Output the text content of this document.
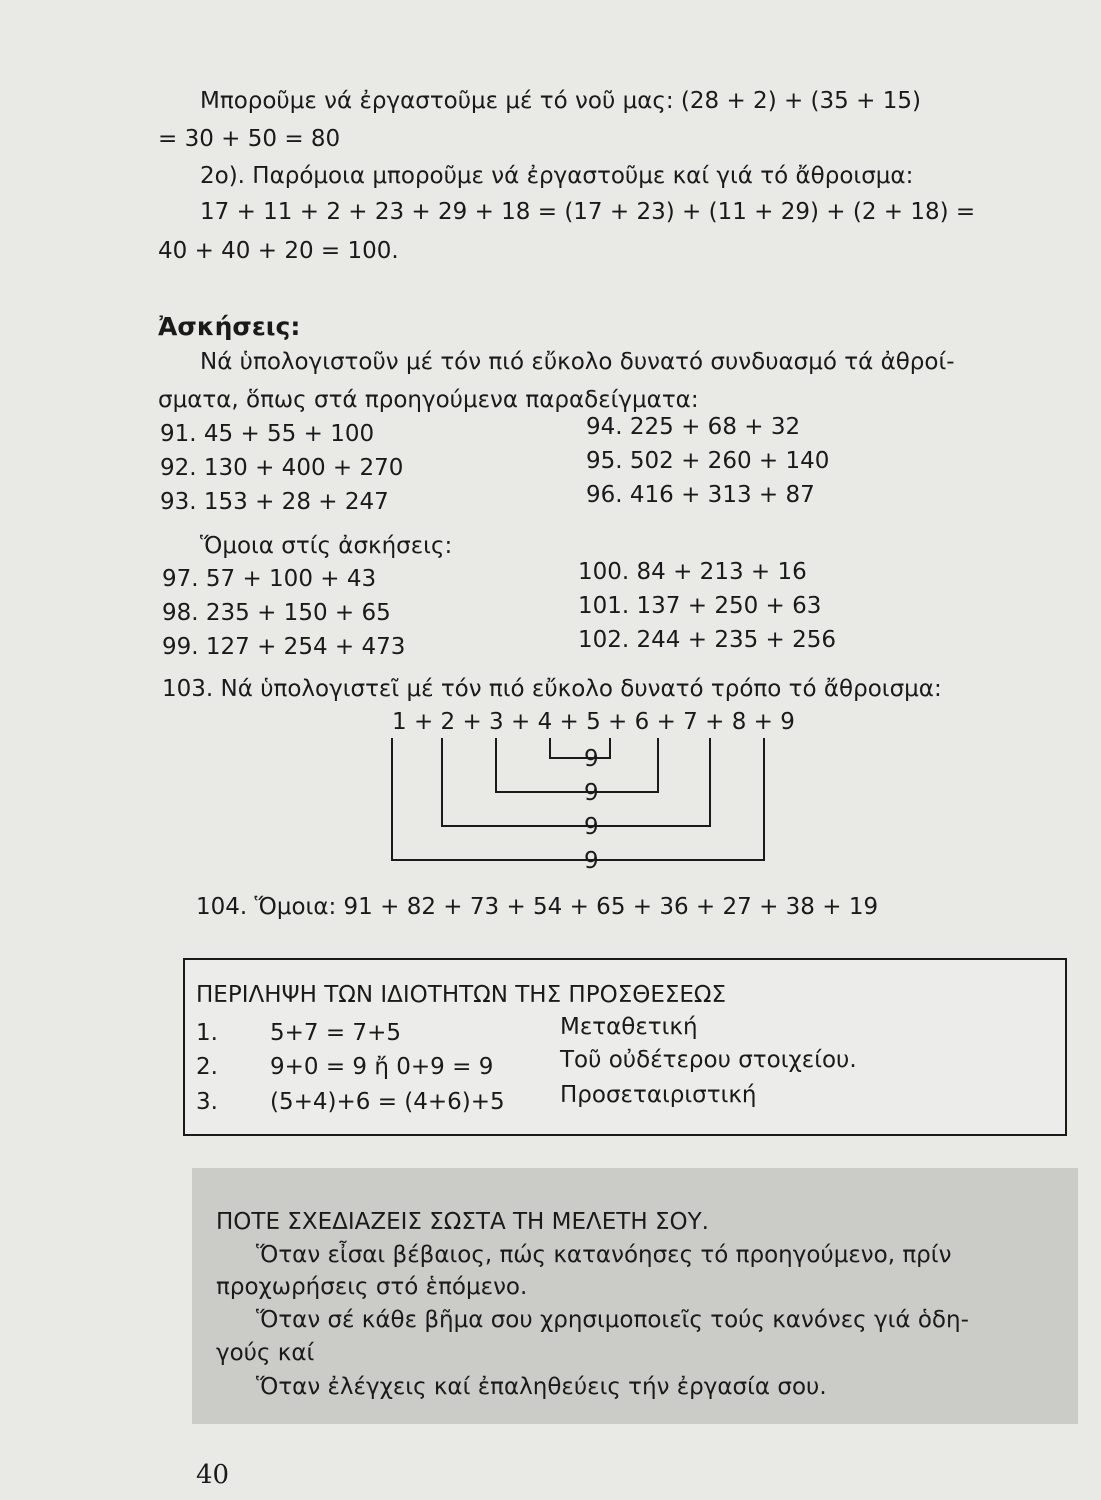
Μποροῦμε νά ἐργαστοῦμε μέ τό νοῦ μας: (28 + 2) + (35 + 15)
= 30 + 50 = 80
2ο). Παρόμοια μποροῦμε νά ἐργαστοῦμε καί γιά τό ἄθροισμα:
17 + 11 + 2 + 23 + 29 + 18 = (17 + 23) + (11 + 29) + (2 + 18) =
40 + 40 + 20 = 100.
Ἀσκήσεις:
Νά ὑπολογιστοῦν μέ τόν πιό εὔκολο δυνατό συνδυασμό τά ἀθροί-
σματα, ὅπως στά προηγούμενα παραδείγματα:
91. 45 + 55 + 100
92. 130 + 400 + 270
93. 153 + 28 + 247
94. 225 + 68 + 32
95. 502 + 260 + 140
96. 416 + 313 + 87
Ὅμοια στίς ἀσκήσεις:
97. 57 + 100 + 43
98. 235 + 150 + 65
99. 127 + 254 + 473
100. 84 + 213 + 16
101. 137 + 250 + 63
102. 244 + 235 + 256
103. Νά ὑπολογιστεῖ μέ τόν πιό εὔκολο δυνατό τρόπο τό ἄθροισμα:
1 + 2 + 3 + 4 + 5 + 6 + 7 + 8 + 9
9
9
9
9
104. Ὅμοια: 91 + 82 + 73 + 54 + 65 + 36 + 27 + 38 + 19
ΠΕΡΙΛΗΨΗ ΤΩΝ ΙΔΙΟΤΗΤΩΝ ΤΗΣ ΠΡΟΣΘΕΣΕΩΣ
1. 5+7 = 7+5	Μεταθετική
2. 9+0 = 9 ἤ 0+9 = 9	Τοῦ οὐδέτερου στοιχείου.
3. (5+4)+6 = (4+6)+5 Προσεταιριστική
ΠΟΤΕ ΣΧΕΔΙΑΖΕΙΣ ΣΩΣΤΑ ΤΗ ΜΕΛΕΤΗ ΣΟΥ.
Ὅταν εἶσαι βέβαιος, πώς κατανόησες τό προηγούμενο, πρίν
προχωρήσεις στό ἑπόμενο.
Ὅταν σέ κάθε βῆμα σου χρησιμοποιεῖς τούς κανόνες γιά ὁδη-
γούς καί
Ὅταν ἐλέγχεις καί ἐπαληθεύεις τήν ἐργασία σου.
40
